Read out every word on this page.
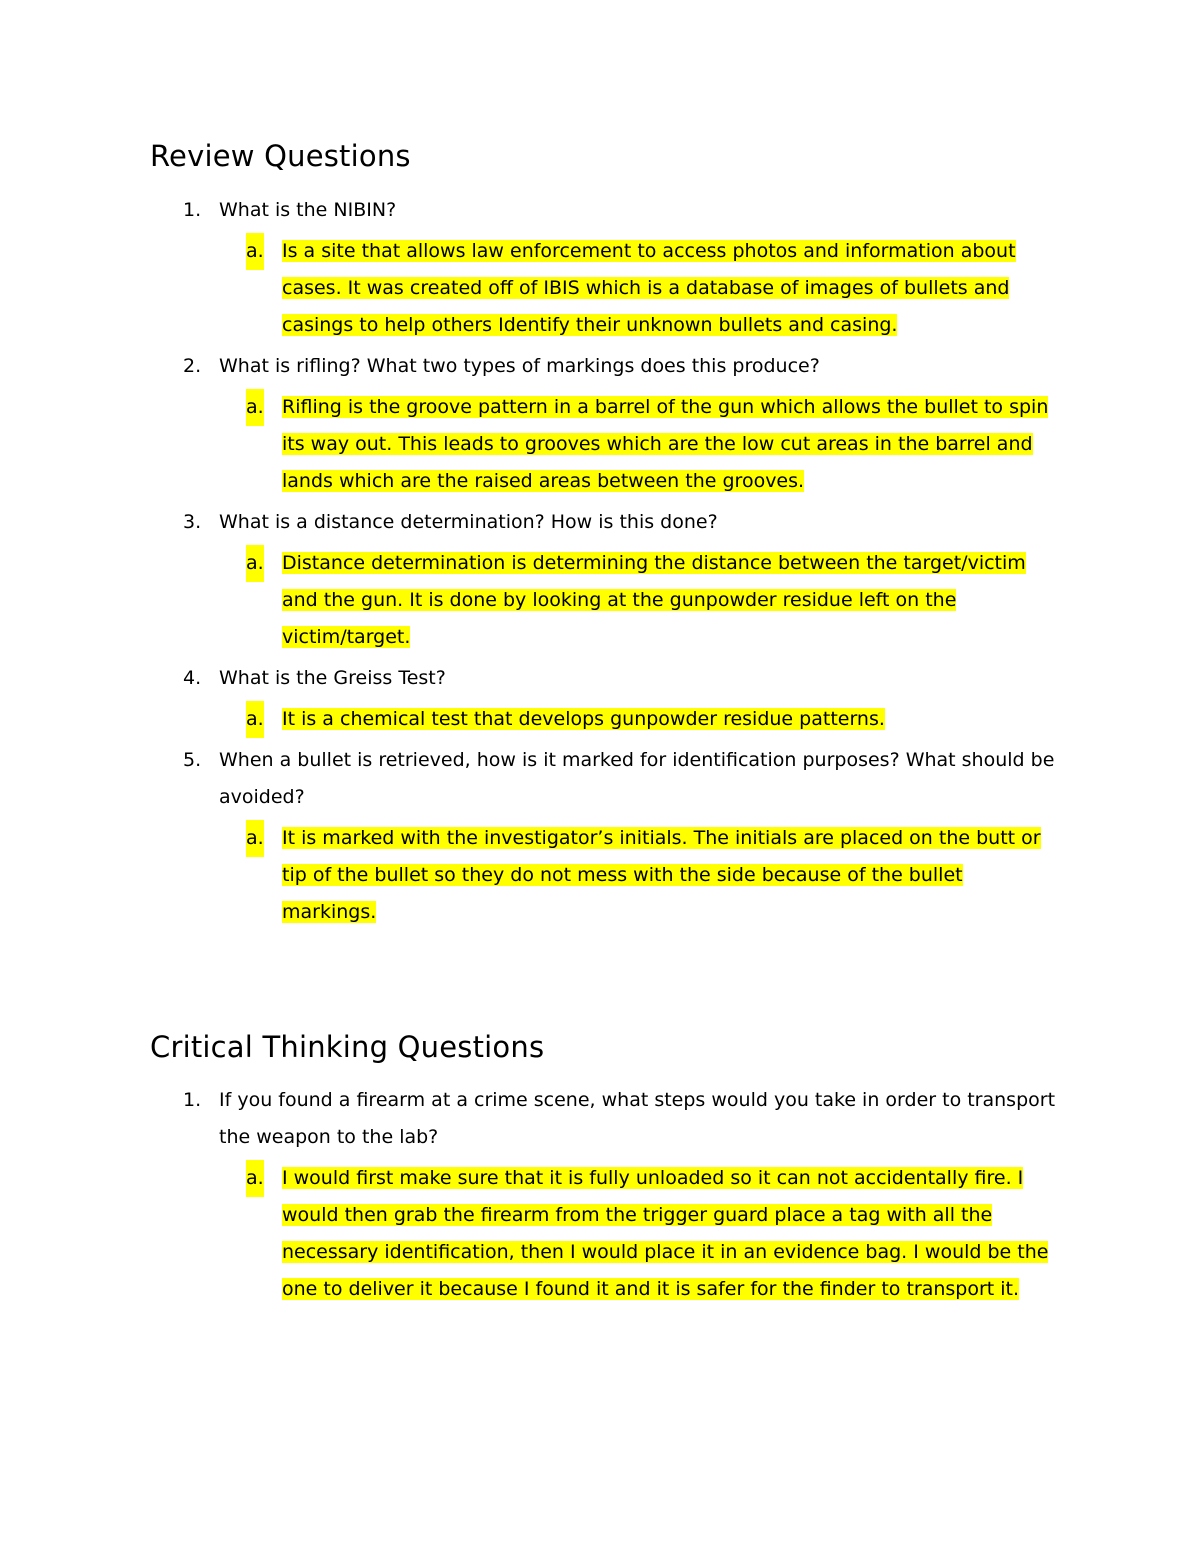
Review Questions
1. What is the NIBIN?
a. Is a site that allows law enforcement to access photos and information about cases. It was created off of IBIS which is a database of images of bullets and casings to help others Identify their unknown bullets and casing.
2. What is rifling? What two types of markings does this produce?
a. Rifling is the groove pattern in a barrel of the gun which allows the bullet to spin its way out. This leads to grooves which are the low cut areas in the barrel and lands which are the raised areas between the grooves.
3. What is a distance determination? How is this done?
a. Distance determination is determining the distance between the target/victim and the gun. It is done by looking at the gunpowder residue left on the victim/target.
4. What is the Greiss Test?
a. It is a chemical test that develops gunpowder residue patterns.
5. When a bullet is retrieved, how is it marked for identification purposes? What should be avoided?
a. It is marked with the investigator’s initials. The initials are placed on the butt or tip of the bullet so they do not mess with the side because of the bullet markings.
Critical Thinking Questions
1. If you found a firearm at a crime scene, what steps would you take in order to transport the weapon to the lab?
a. I would first make sure that it is fully unloaded so it can not accidentally fire. I would then grab the firearm from the trigger guard place a tag with all the necessary identification, then I would place it in an evidence bag. I would be the one to deliver it because I found it and it is safer for the finder to transport it.
